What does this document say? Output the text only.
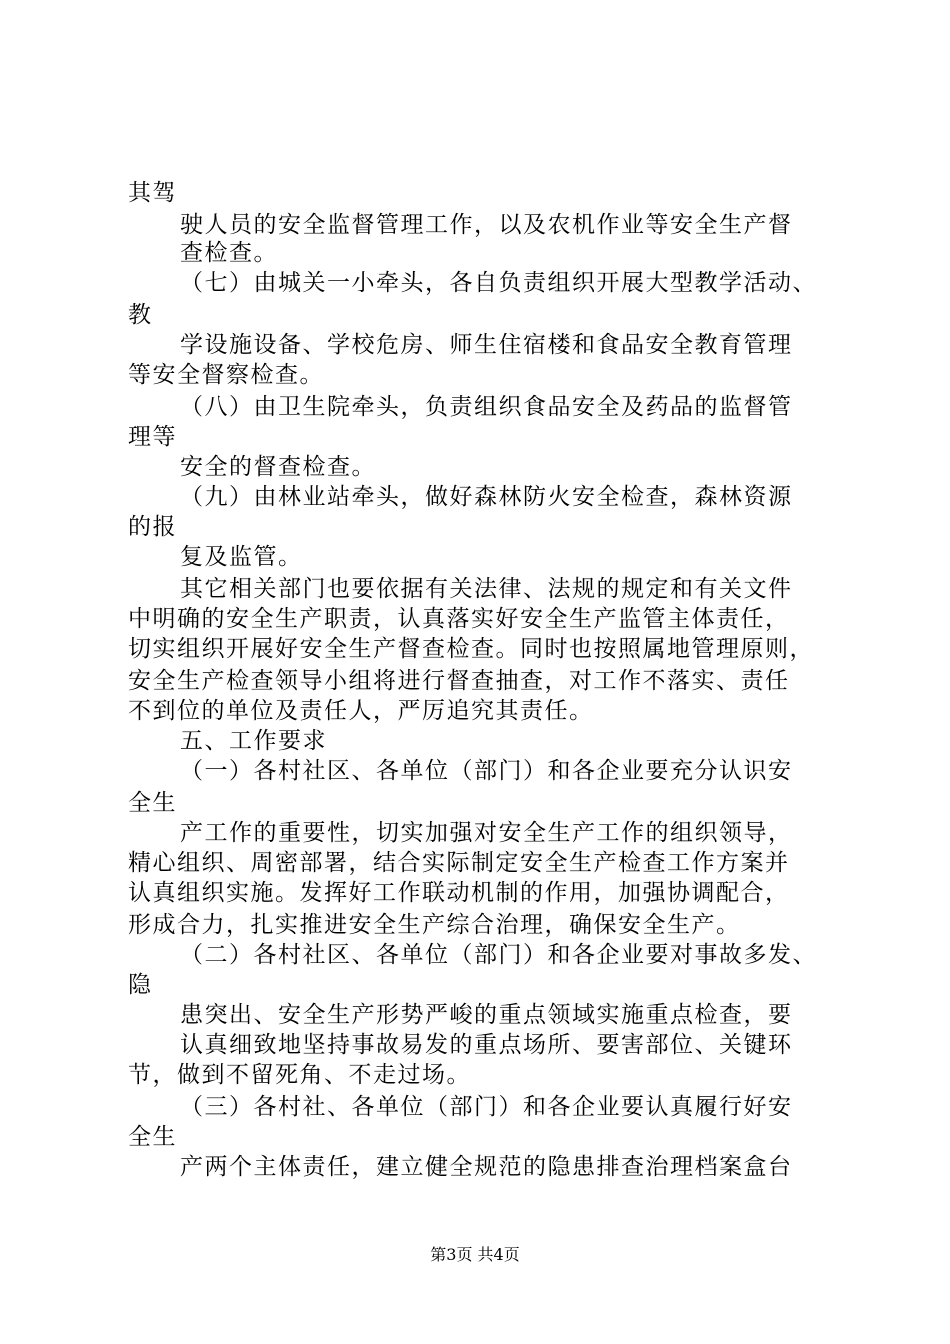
其驾
驶人员的安全监督管理工作，以及农机作业等安全生产督
查检查。
（七）由城关一小牵头，各自负责组织开展大型教学活动、
教
学设施设备、学校危房、师生住宿楼和食品安全教育管理
等安全督察检查。
（八）由卫生院牵头，负责组织食品安全及药品的监督管
理等
安全的督查检查。
（九）由林业站牵头，做好森林防火安全检查，森林资源
的报
复及监管。
其它相关部门也要依据有关法律、法规的规定和有关文件
中明确的安全生产职责，认真落实好安全生产监管主体责任，
切实组织开展好安全生产督查检查。同时也按照属地管理原则，
安全生产检查领导小组将进行督查抽查，对工作不落实、责任
不到位的单位及责任人，严厉追究其责任。
五、工作要求
（一）各村社区、各单位（部门）和各企业要充分认识安
全生
产工作的重要性，切实加强对安全生产工作的组织领导，
精心组织、周密部署，结合实际制定安全生产检查工作方案并
认真组织实施。发挥好工作联动机制的作用，加强协调配合，
形成合力，扎实推进安全生产综合治理，确保安全生产。
（二）各村社区、各单位（部门）和各企业要对事故多发、
隐
患突出、安全生产形势严峻的重点领域实施重点检查，要
认真细致地坚持事故易发的重点场所、要害部位、关键环
节，做到不留死角、不走过场。
（三）各村社、各单位（部门）和各企业要认真履行好安
全生
产两个主体责任，建立健全规范的隐患排查治理档案盒台
第3页 共4页
